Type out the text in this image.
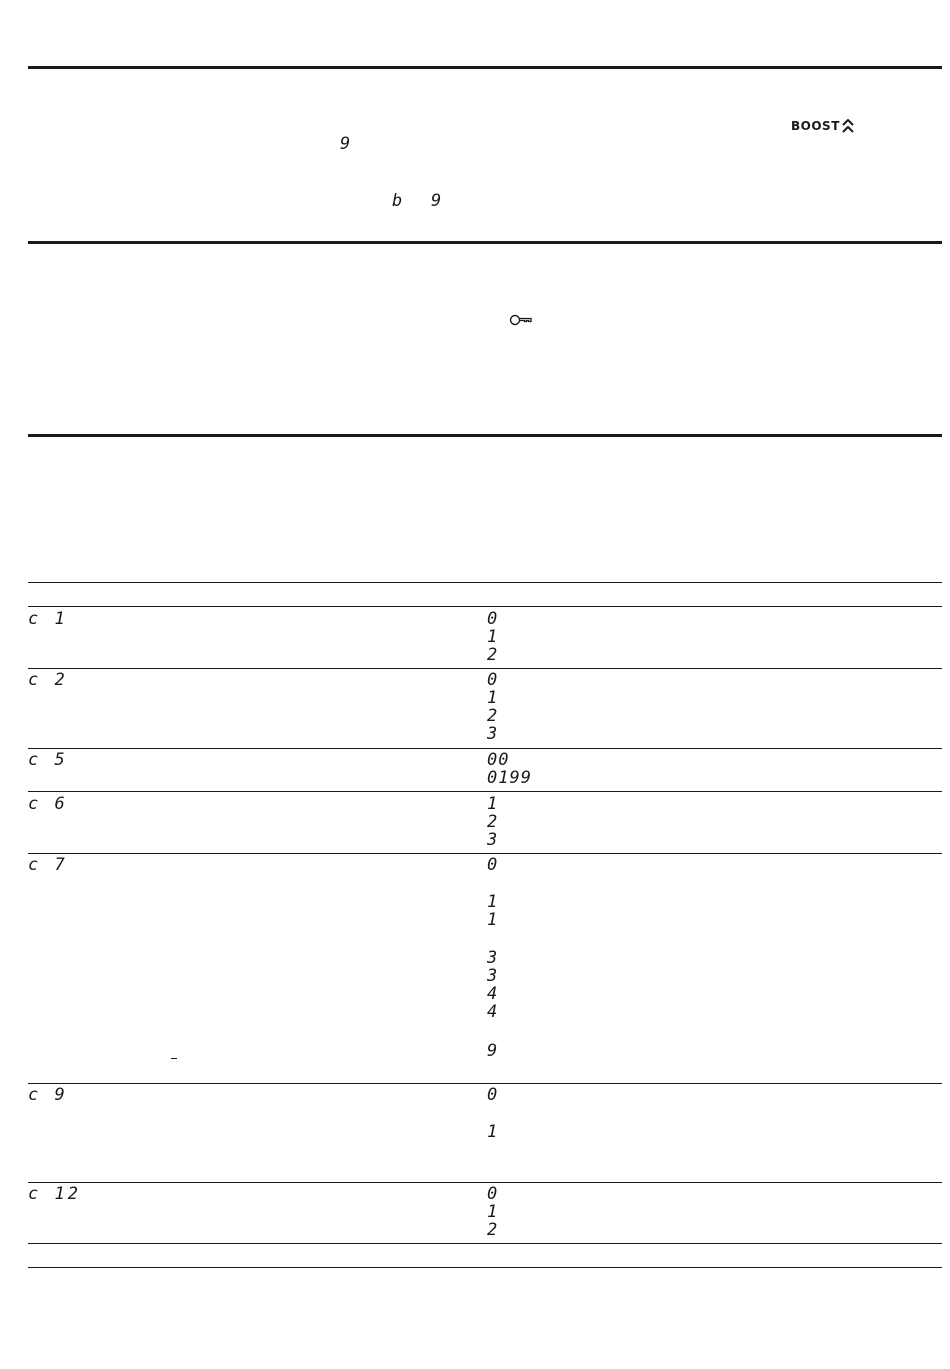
9
BOOST
b 9
c 1	0
1
2
c 2	0
1
2
3
c 5	00
0199
c 6	1
2
3
c 7	0
1
1
3
3
4
4
9
c 9	0
1
c 12	0
1
2
